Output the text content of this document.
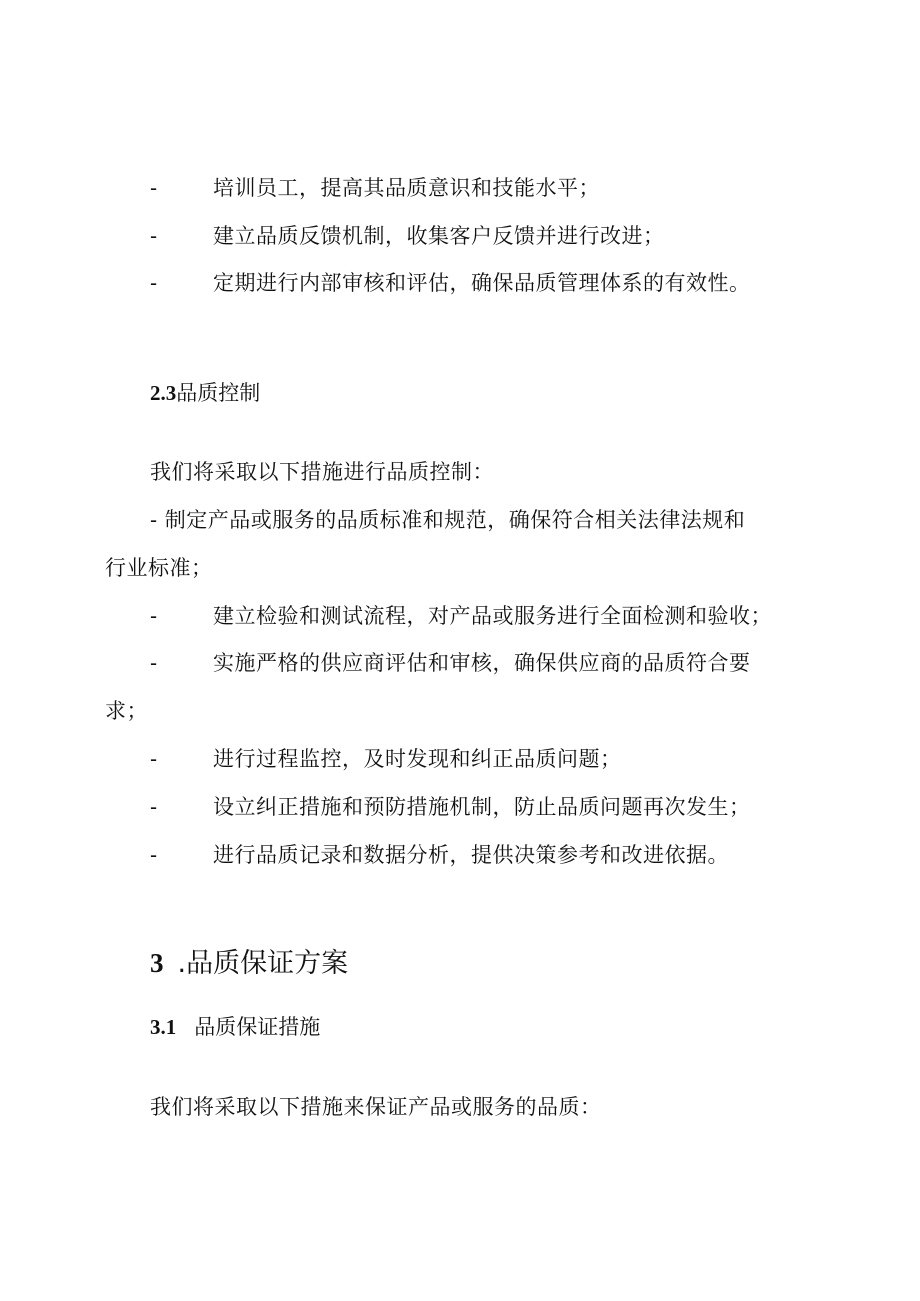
-	培训员工，提高其品质意识和技能水平；
-	建立品质反馈机制，收集客户反馈并进行改进；
-	定期进行内部审核和评估，确保品质管理体系的有效性。
2.3品质控制
我们将采取以下措施进行品质控制：
- 制定产品或服务的品质标准和规范，确保符合相关法律法规和
行业标准；
-	建立检验和测试流程，对产品或服务进行全面检测和验收；
-	实施严格的供应商评估和审核，确保供应商的品质符合要
求；
-	进行过程监控，及时发现和纠正品质问题；
-	设立纠正措施和预防措施机制，防止品质问题再次发生；
-	进行品质记录和数据分析，提供决策参考和改进依据。
3 .品质保证方案
3.1 品质保证措施
我们将采取以下措施来保证产品或服务的品质：
